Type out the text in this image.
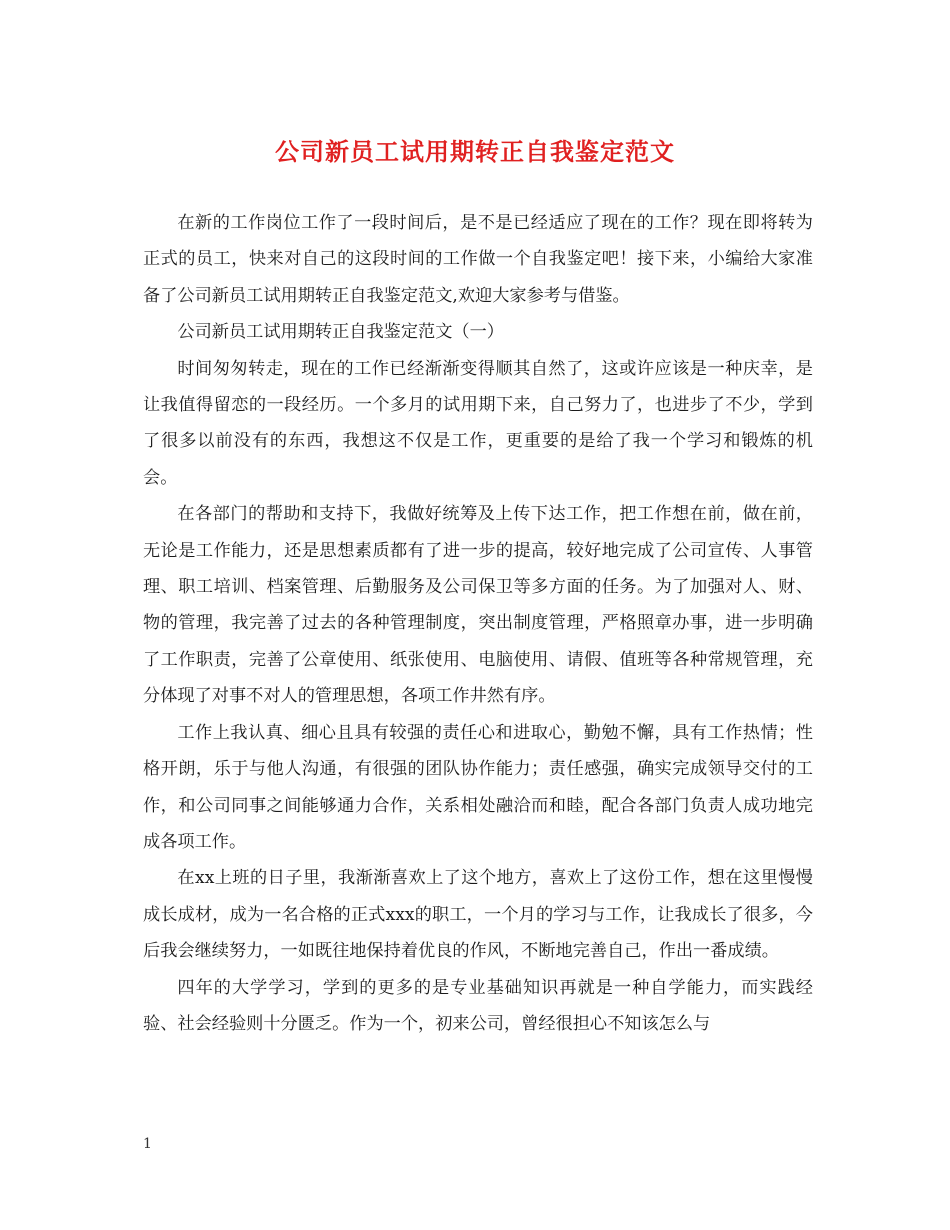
公司新员工试用期转正自我鉴定范文

在新的工作岗位工作了一段时间后，是不是已经适应了现在的工作？现在即将转为正式的员工，快来对自己的这段时间的工作做一个自我鉴定吧！接下来，小编给大家准备了公司新员工试用期转正自我鉴定范文,欢迎大家参考与借鉴。

公司新员工试用期转正自我鉴定范文（一）

时间匆匆转走，现在的工作已经渐渐变得顺其自然了，这或许应该是一种庆幸，是让我值得留恋的一段经历。一个多月的试用期下来，自己努力了，也进步了不少，学到了很多以前没有的东西，我想这不仅是工作，更重要的是给了我一个学习和锻炼的机会。

在各部门的帮助和支持下，我做好统筹及上传下达工作，把工作想在前，做在前，无论是工作能力，还是思想素质都有了进一步的提高，较好地完成了公司宣传、人事管理、职工培训、档案管理、后勤服务及公司保卫等多方面的任务。为了加强对人、财、物的管理，我完善了过去的各种管理制度，突出制度管理，严格照章办事，进一步明确了工作职责，完善了公章使用、纸张使用、电脑使用、请假、值班等各种常规管理，充分体现了对事不对人的管理思想，各项工作井然有序。

工作上我认真、细心且具有较强的责任心和进取心，勤勉不懈，具有工作热情；性格开朗，乐于与他人沟通，有很强的团队协作能力；责任感强，确实完成领导交付的工作，和公司同事之间能够通力合作，关系相处融洽而和睦，配合各部门负责人成功地完成各项工作。

在xx上班的日子里，我渐渐喜欢上了这个地方，喜欢上了这份工作，想在这里慢慢成长成材，成为一名合格的正式xxx的职工，一个月的学习与工作，让我成长了很多，今后我会继续努力，一如既往地保持着优良的作风，不断地完善自己，作出一番成绩。

四年的大学学习，学到的更多的是专业基础知识再就是一种自学能力，而实践经验、社会经验则十分匮乏。作为一个，初来公司，曾经很担心不知该怎么与

1
